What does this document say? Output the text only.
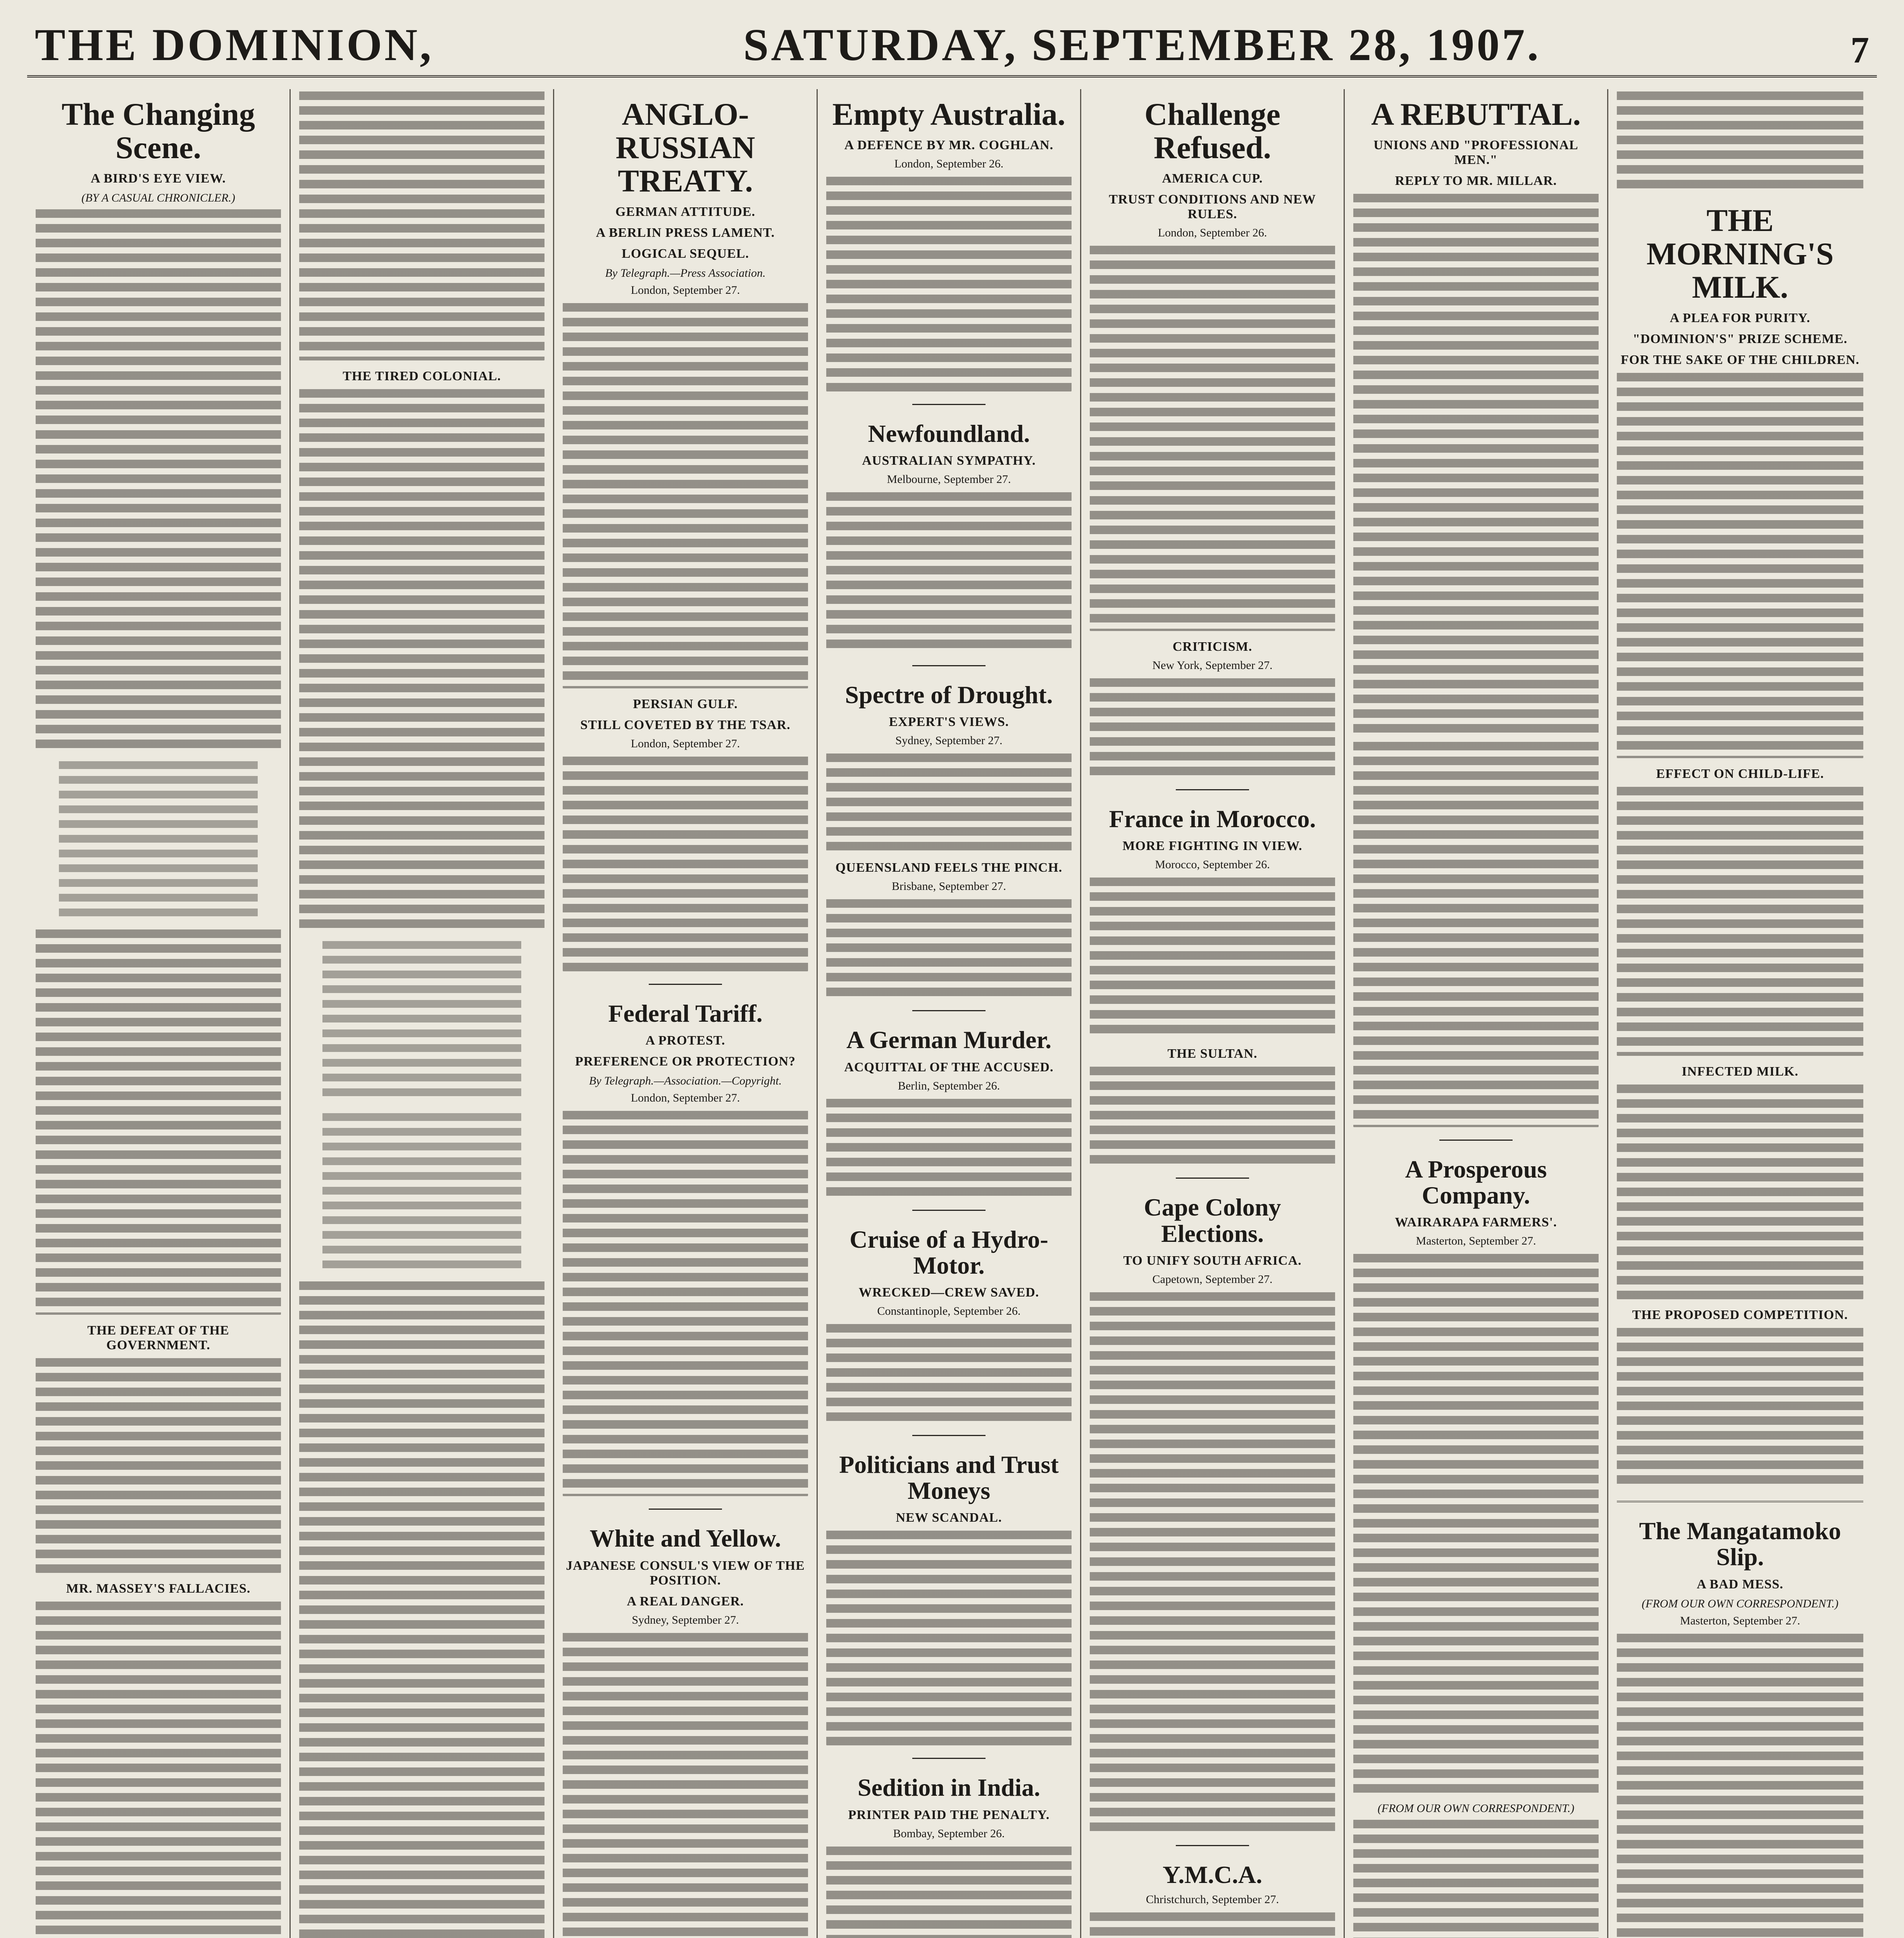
THE DOMINION,	SATURDAY, SEPTEMBER 28, 1907.	7
The Changing Scene.
A BIRD'S EYE VIEW.
(BY A CASUAL CHRONICLER.)
THE DEFEAT OF THE GOVERNMENT.
MR. MASSEY'S FALLACIES.
THE TIRED COLONIAL.
ANGLO-RUSSIAN TREATY.
GERMAN ATTITUDE.
A BERLIN PRESS LAMENT.
LOGICAL SEQUEL.
By Telegraph.—Press Association.
London, September 27.
PERSIAN GULF.
STILL COVETED BY THE TSAR.
London, September 27.
Federal Tariff.
A PROTEST.
PREFERENCE OR PROTECTION?
By Telegraph.—Association.—Copyright.
London, September 27.
White and Yellow.
JAPANESE CONSUL'S VIEW OF THE POSITION.
A REAL DANGER.
Sydney, September 27.
Empty Australia.
A DEFENCE BY MR. COGHLAN.
London, September 26.
Newfoundland.
AUSTRALIAN SYMPATHY.
Melbourne, September 27.
Spectre of Drought.
EXPERT'S VIEWS.
Sydney, September 27.
QUEENSLAND FEELS THE PINCH.
Brisbane, September 27.
A German Murder.
ACQUITTAL OF THE ACCUSED.
Berlin, September 26.
Cruise of a Hydro-Motor.
WRECKED—CREW SAVED.
Constantinople, September 26.
Politicians and Trust Moneys
NEW SCANDAL.
Sedition in India.
PRINTER PAID THE PENALTY.
Bombay, September 26.
Challenge Refused.
AMERICA CUP.
TRUST CONDITIONS AND NEW RULES.
London, September 26.
CRITICISM.
New York, September 27.
France in Morocco.
MORE FIGHTING IN VIEW.
Morocco, September 26.
THE SULTAN.
Cape Colony Elections.
TO UNIFY SOUTH AFRICA.
Capetown, September 27.
Y.M.C.A.
Christchurch, September 27.
A REBUTTAL.
UNIONS AND "PROFESSIONAL MEN."
REPLY TO MR. MILLAR.
A Prosperous Company.
WAIRARAPA FARMERS'.
Masterton, September 27.
(FROM OUR OWN CORRESPONDENT.)
THE MORNING'S MILK.
A PLEA FOR PURITY.
"DOMINION'S" PRIZE SCHEME.
FOR THE SAKE OF THE CHILDREN.
EFFECT ON CHILD-LIFE.
INFECTED MILK.
THE PROPOSED COMPETITION.
The Mangatamoko Slip.
A BAD MESS.
(FROM OUR OWN CORRESPONDENT.)
Masterton, September 27.
